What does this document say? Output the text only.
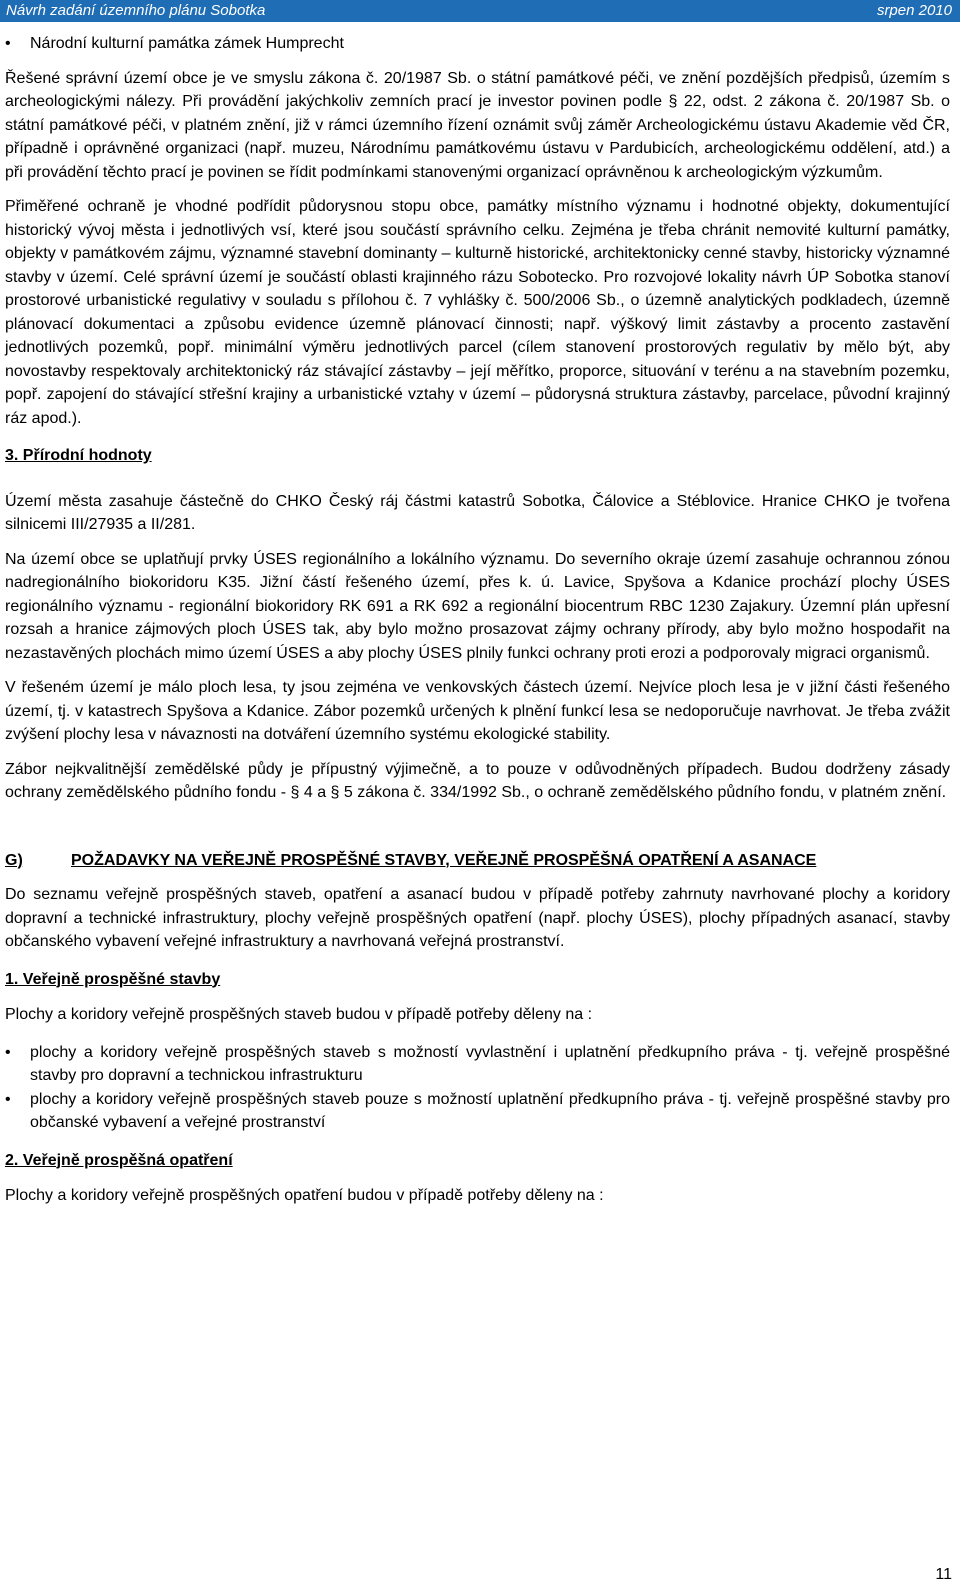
Návrh zadání územního plánu Sobotka	srpen 2010
• Národní kulturní památka zámek Humprecht

Řešené správní území obce je ve smyslu zákona č. 20/1987 Sb. o státní památkové péči, ve znění pozdějších předpisů, územím s archeologickými nálezy. Při provádění jakýchkoliv zemních prací je investor povinen podle § 22, odst. 2 zákona č. 20/1987 Sb. o státní památkové péči, v platném znění, již v rámci územního řízení oznámit svůj záměr Archeologickému ústavu Akademie věd ČR, případně i oprávněné organizaci (např. muzeu, Národnímu památkovému ústavu v Pardubicích, archeologickému oddělení, atd.) a při provádění těchto prací je povinen se řídit podmínkami stanovenými organizací oprávněnou k archeologickým výzkumům.

Přiměřené ochraně je vhodné podřídit půdorysnou stopu obce, památky místního významu i hodnotné objekty, dokumentující historický vývoj města i jednotlivých vsí, které jsou součástí správního celku. Zejména je třeba chránit nemovité kulturní památky, objekty v památkovém zájmu, významné stavební dominanty – kulturně historické, architektonicky cenné stavby, historicky významné stavby v území. Celé správní území je součástí oblasti krajinného rázu Sobotecko. Pro rozvojové lokality návrh ÚP Sobotka stanoví prostorové urbanistické regulativy v souladu s přílohou č. 7 vyhlášky č. 500/2006 Sb., o územně analytických podkladech, územně plánovací dokumentaci a způsobu evidence územně plánovací činnosti; např. výškový limit zástavby a procento zastavění jednotlivých pozemků, popř. minimální výměru jednotlivých parcel (cílem stanovení prostorových regulativ by mělo být, aby novostavby respektovaly architektonický ráz stávající zástavby – její měřítko, proporce, situování v terénu a na stavebním pozemku, popř. zapojení do stávající střešní krajiny a urbanistické vztahy v území – půdorysná struktura zástavby, parcelace, původní krajinný ráz apod.).

3. Přírodní hodnoty

Území města zasahuje částečně do CHKO Český ráj částmi katastrů Sobotka, Čálovice a Stéblovice. Hranice CHKO je tvořena silnicemi III/27935 a II/281.

Na území obce se uplatňují prvky ÚSES regionálního a lokálního významu. Do severního okraje území zasahuje ochrannou zónou nadregionálního biokoridoru K35. Jižní částí řešeného území, přes k. ú. Lavice, Spyšova a Kdanice prochází plochy ÚSES regionálního významu - regionální biokoridory RK 691 a RK 692 a regionální biocentrum RBC 1230 Zajakury. Územní plán upřesní rozsah a hranice zájmových ploch ÚSES tak, aby bylo možno prosazovat zájmy ochrany přírody, aby bylo možno hospodařit na nezastavěných plochách mimo území ÚSES a aby plochy ÚSES plnily funkci ochrany proti erozi a podporovaly migraci organismů.

V řešeném území je málo ploch lesa, ty jsou zejména ve venkovských částech území. Nejvíce ploch lesa je v jižní části řešeného území, tj. v katastrech Spyšova a Kdanice. Zábor pozemků určených k plnění funkcí lesa se nedoporučuje navrhovat. Je třeba zvážit zvýšení plochy lesa v návaznosti na dotváření územního systému ekologické stability.

Zábor nejkvalitnější zemědělské půdy je přípustný výjimečně, a to pouze v odůvodněných případech. Budou dodrženy zásady ochrany zemědělského půdního fondu - § 4 a § 5 zákona č. 334/1992 Sb., o ochraně zemědělského půdního fondu, v platném znění.

G)	POŽADAVKY NA VEŘEJNĚ PROSPĚŠNÉ STAVBY, VEŘEJNĚ PROSPĚŠNÁ OPATŘENÍ A ASANACE

Do seznamu veřejně prospěšných staveb, opatření a asanací budou v případě potřeby zahrnuty navrhované plochy a koridory dopravní a technické infrastruktury, plochy veřejně prospěšných opatření (např. plochy ÚSES), plochy případných asanací, stavby občanského vybavení veřejné infrastruktury a navrhovaná veřejná prostranství.

1. Veřejně prospěšné stavby

Plochy a koridory veřejně prospěšných staveb budou v případě potřeby děleny na :

• plochy a koridory veřejně prospěšných staveb s možností vyvlastnění i uplatnění předkupního práva - tj. veřejně prospěšné stavby pro dopravní a technickou infrastrukturu
• plochy a koridory veřejně prospěšných staveb pouze s možností uplatnění předkupního práva - tj. veřejně prospěšné stavby pro občanské vybavení a veřejné prostranství
2. Veřejně prospěšná opatření

Plochy a koridory veřejně prospěšných opatření budou v případě potřeby děleny na :

11
